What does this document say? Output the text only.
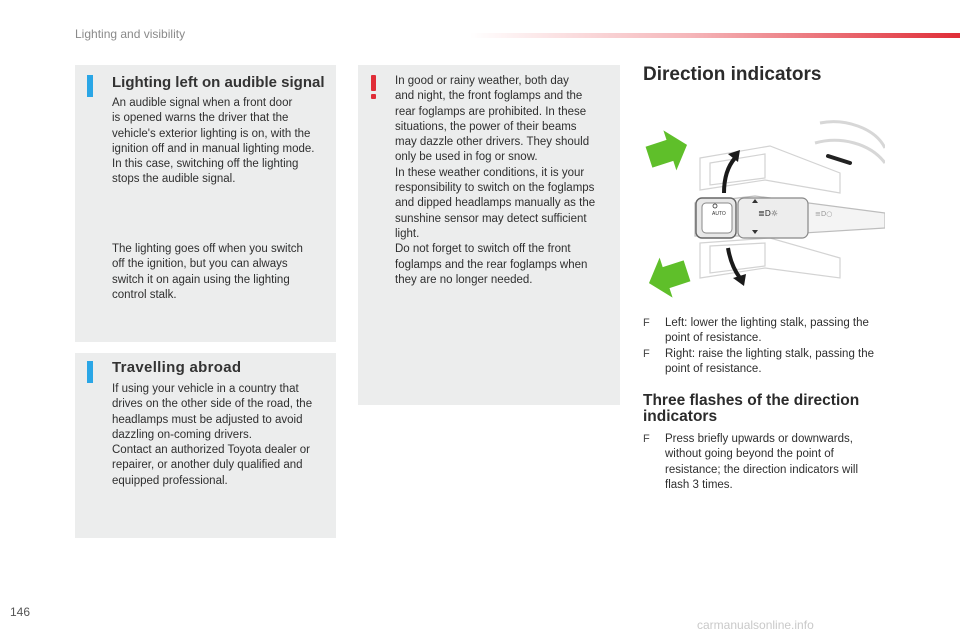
Lighting and visibility
Lighting left on audible signal
An audible signal when a front door
is opened warns the driver that the
vehicle's exterior lighting is on, with the
ignition off and in manual lighting mode.
In this case, switching off the lighting
stops the audible signal.
The lighting goes off when you switch
off the ignition, but you can always
switch it on again using the lighting
control stalk.
Travelling abroad
If using your vehicle in a country that
drives on the other side of the road, the
headlamps must be adjusted to avoid
dazzling on-coming drivers.
Contact an authorized Toyota dealer or
repairer, or another duly qualified and
equipped professional.
In good or rainy weather, both day
and night, the front foglamps and the
rear foglamps are prohibited. In these
situations, the power of their beams
may dazzle other drivers. They should
only be used in fog or snow.
In these weather conditions, it is your
responsibility to switch on the foglamps
and dipped headlamps manually as the
sunshine sensor may detect sufficient
light.
Do not forget to switch off the front
foglamps and the rear foglamps when
they are no longer needed.
Direction indicators
AUTO	≣D☼	≡D○
F Left: lower the lighting stalk, passing the
point of resistance.
F Right: raise the lighting stalk, passing the
point of resistance.
Three flashes of the direction
indicators
F Press briefly upwards or downwards,
without going beyond the point of
resistance; the direction indicators will
flash 3 times.
146
carmanualsonline.info
